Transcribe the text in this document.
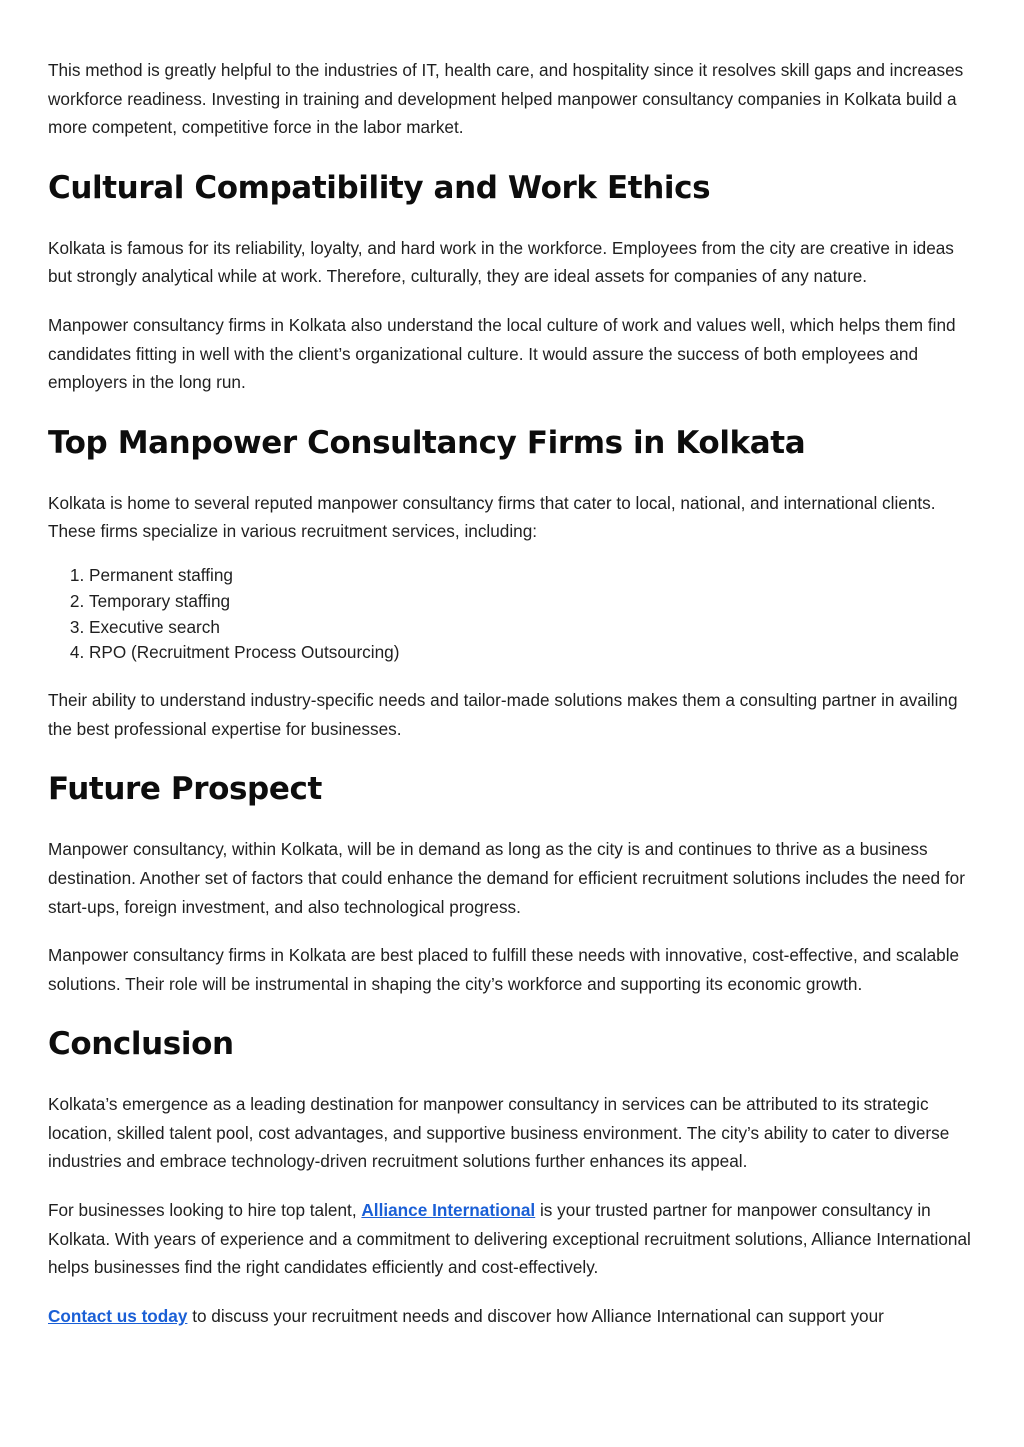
This method is greatly helpful to the industries of IT, health care, and hospitality since it resolves skill gaps and increases workforce readiness. Investing in training and development helped manpower consultancy companies in Kolkata build a more competent, competitive force in the labor market.

Cultural Compatibility and Work Ethics

Kolkata is famous for its reliability, loyalty, and hard work in the workforce. Employees from the city are creative in ideas but strongly analytical while at work. Therefore, culturally, they are ideal assets for companies of any nature.

Manpower consultancy firms in Kolkata also understand the local culture of work and values well, which helps them find candidates fitting in well with the client’s organizational culture. It would assure the success of both employees and employers in the long run.

Top Manpower Consultancy Firms in Kolkata

Kolkata is home to several reputed manpower consultancy firms that cater to local, national, and international clients. These firms specialize in various recruitment services, including:

1. Permanent staffing
2. Temporary staffing
3. Executive search
4. RPO (Recruitment Process Outsourcing)

Their ability to understand industry-specific needs and tailor-made solutions makes them a consulting partner in availing the best professional expertise for businesses.

Future Prospect

Manpower consultancy, within Kolkata, will be in demand as long as the city is and continues to thrive as a business destination. Another set of factors that could enhance the demand for efficient recruitment solutions includes the need for start-ups, foreign investment, and also technological progress.

Manpower consultancy firms in Kolkata are best placed to fulfill these needs with innovative, cost-effective, and scalable solutions. Their role will be instrumental in shaping the city’s workforce and supporting its economic growth.

Conclusion

Kolkata’s emergence as a leading destination for manpower consultancy in services can be attributed to its strategic location, skilled talent pool, cost advantages, and supportive business environment. The city’s ability to cater to diverse industries and embrace technology-driven recruitment solutions further enhances its appeal.

For businesses looking to hire top talent, Alliance International is your trusted partner for manpower consultancy in Kolkata. With years of experience and a commitment to delivering exceptional recruitment solutions, Alliance International helps businesses find the right candidates efficiently and cost-effectively.

Contact us today to discuss your recruitment needs and discover how Alliance International can support your
